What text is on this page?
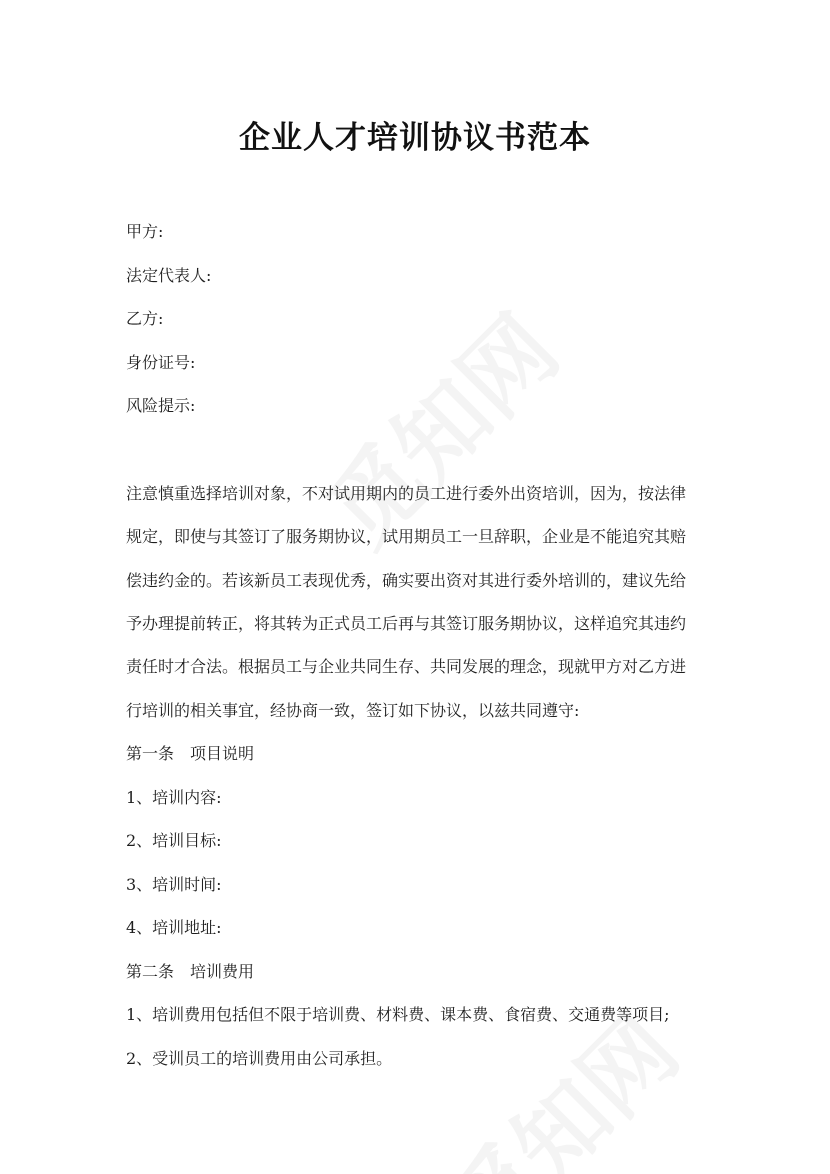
企业人才培训协议书范本
甲方:
法定代表人:
乙方:
身份证号:
风险提示:
注意慎重选择培训对象，不对试用期内的员工进行委外出资培训，因为，按法律
规定，即使与其签订了服务期协议，试用期员工一旦辞职，企业是不能追究其赔
偿违约金的。若该新员工表现优秀，确实要出资对其进行委外培训的，建议先给
予办理提前转正，将其转为正式员工后再与其签订服务期协议，这样追究其违约
责任时才合法。根据员工与企业共同生存、共同发展的理念，现就甲方对乙方进
行培训的相关事宜，经协商一致，签订如下协议，以兹共同遵守:
第一条　项目说明
1、培训内容:
2、培训目标:
3、培训时间:
4、培训地址:
第二条　培训费用
1、培训费用包括但不限于培训费、材料费、课本费、食宿费、交通费等项目;
2、受训员工的培训费用由公司承担。
